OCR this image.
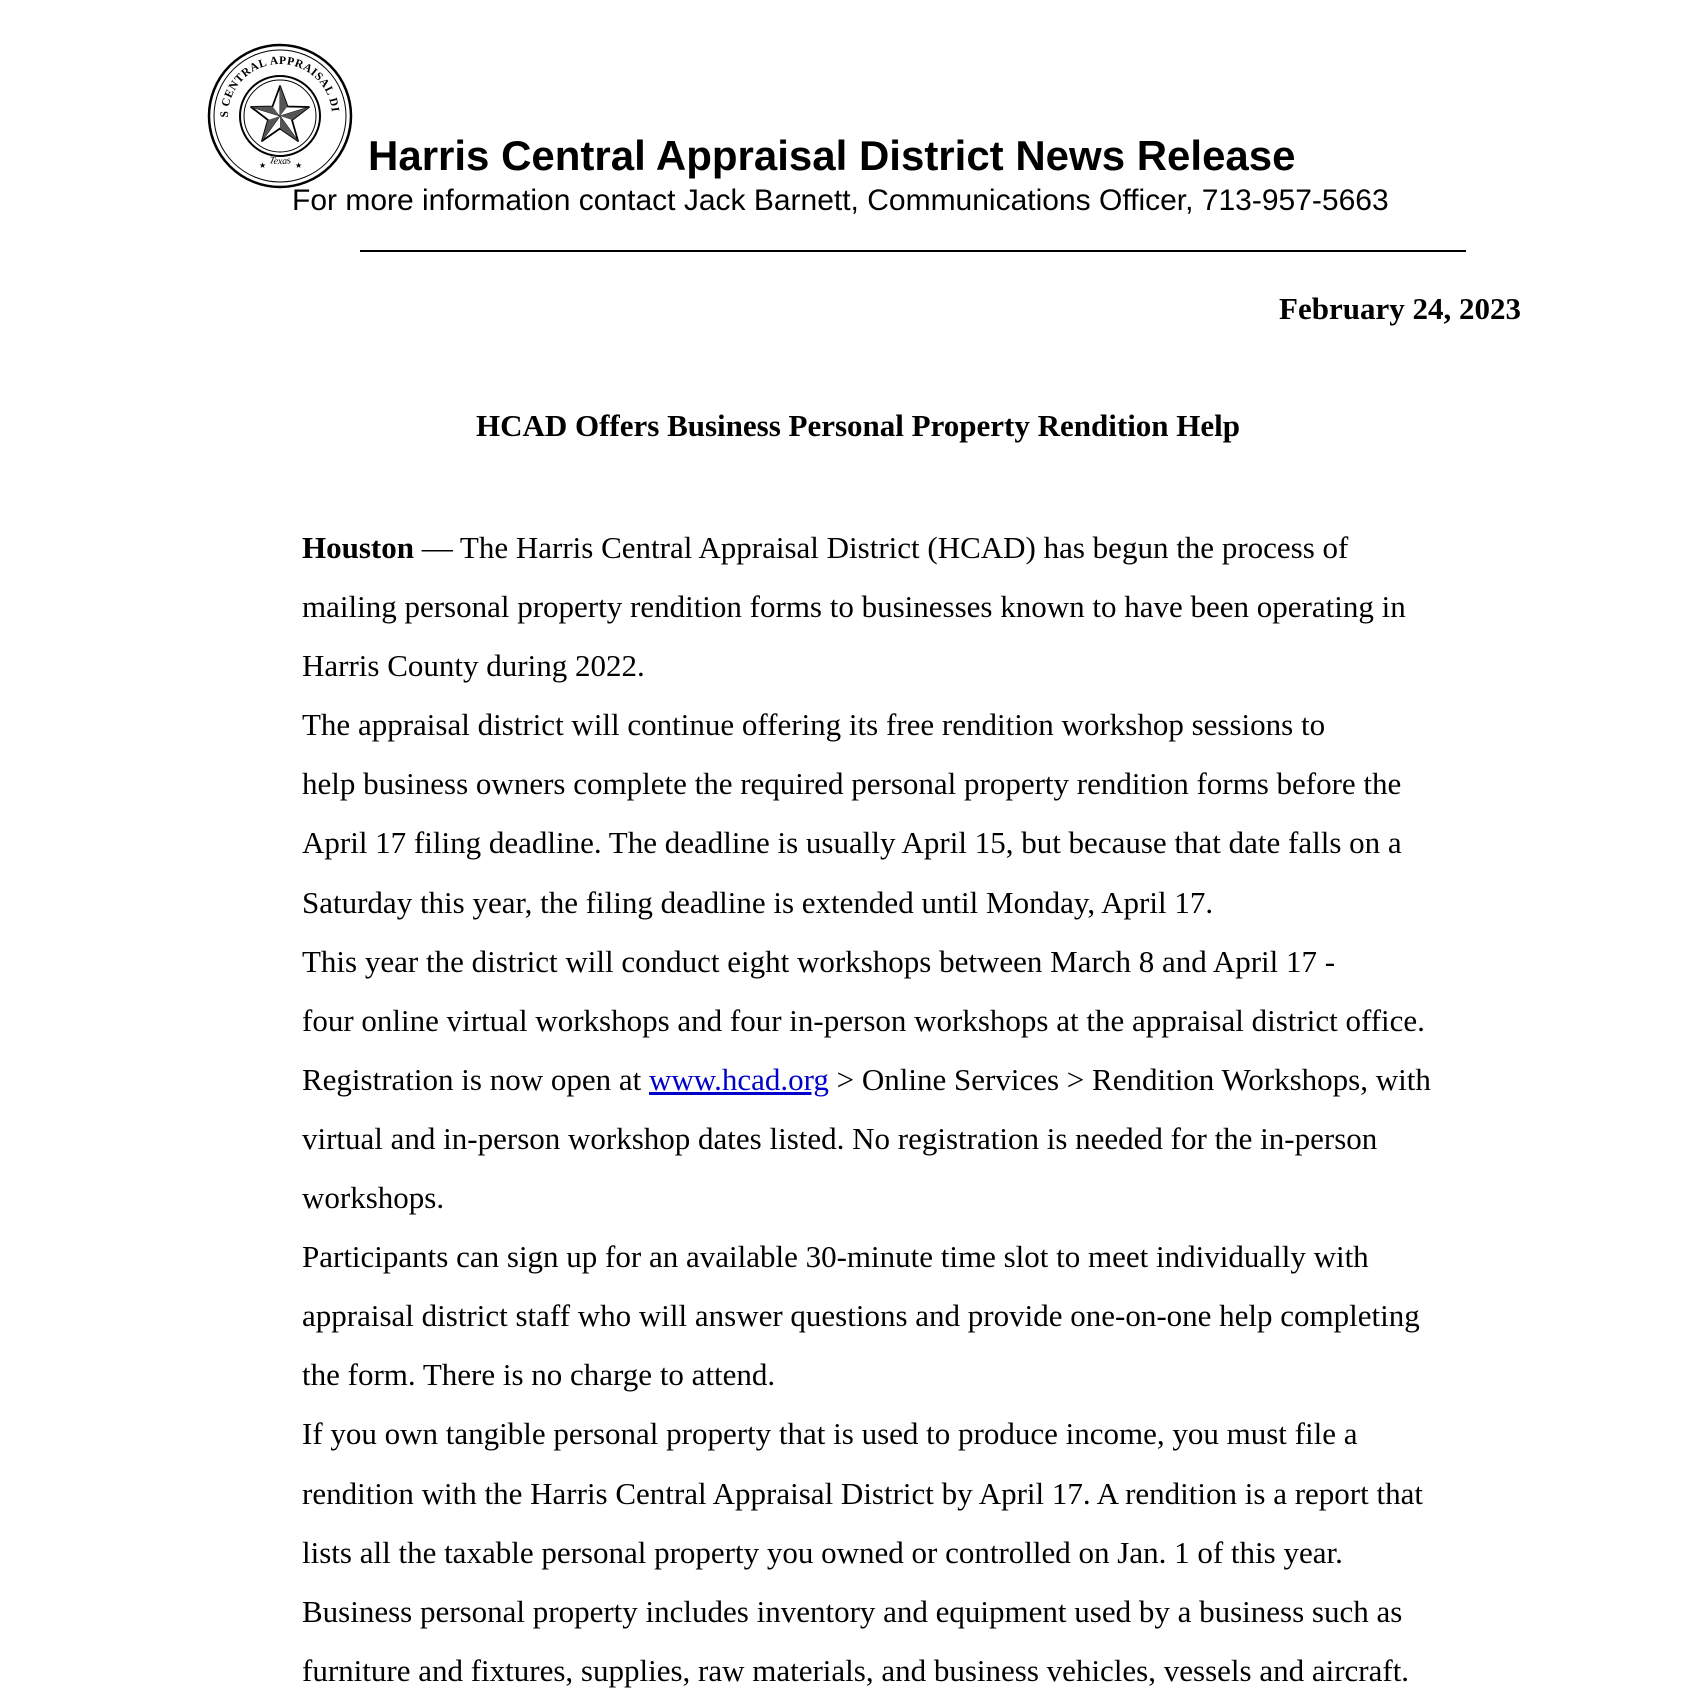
S CENTRAL APPRAISAL DI
Texas
★	★ Harris Central Appraisal District News Release
For more information contact Jack Barnett, Communications Officer, 713-957-5663
February 24, 2023
HCAD Offers Business Personal Property Rendition Help

Houston — The Harris Central Appraisal District (HCAD) has begun the process of
mailing personal property rendition forms to businesses known to have been operating in
Harris County during 2022.

The appraisal district will continue offering its free rendition workshop sessions to
help business owners complete the required personal property rendition forms before the
April 17 filing deadline. The deadline is usually April 15, but because that date falls on a
Saturday this year, the filing deadline is extended until Monday, April 17.

This year the district will conduct eight workshops between March 8 and April 17 -
four online virtual workshops and four in-person workshops at the appraisal district office.
Registration is now open at www.hcad.org > Online Services > Rendition Workshops, with
virtual and in-person workshop dates listed. No registration is needed for the in-person
workshops.

Participants can sign up for an available 30-minute time slot to meet individually with
appraisal district staff who will answer questions and provide one-on-one help completing
the form. There is no charge to attend.

If you own tangible personal property that is used to produce income, you must file a
rendition with the Harris Central Appraisal District by April 17. A rendition is a report that
lists all the taxable personal property you owned or controlled on Jan. 1 of this year.
Business personal property includes inventory and equipment used by a business such as
furniture and fixtures, supplies, raw materials, and business vehicles, vessels and aircraft.
